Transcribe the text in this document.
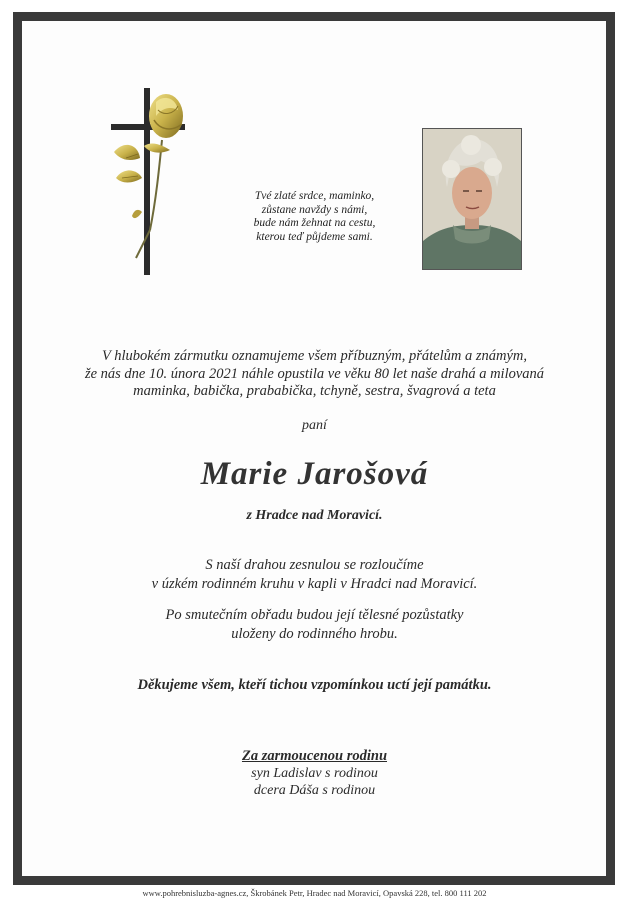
Tvé zlaté srdce, maminko,
zůstane navždy s námi,
bude nám žehnat na cestu,
kterou teď půjdeme sami.
V hlubokém zármutku oznamujeme všem příbuzným, přátelům a známým,
že nás dne 10. února 2021 náhle opustila ve věku 80 let naše drahá a milovaná
maminka, babička, prababička, tchyně, sestra, švagrová a teta
paní
Marie Jarošová
z Hradce nad Moravicí.
S naší drahou zesnulou se rozloučíme
v úzkém rodinném kruhu v kapli v Hradci nad Moravicí.
Po smutečním obřadu budou její tělesné pozůstatky
uloženy do rodinného hrobu.
Děkujeme všem, kteří tichou vzpomínkou uctí její památku.
Za zarmoucenou rodinu
syn Ladislav s rodinou
dcera Dáša s rodinou
www.pohrebnisluzba-agnes.cz, Škrobánek Petr, Hradec nad Moravicí, Opavská 228, tel. 800 111 202
